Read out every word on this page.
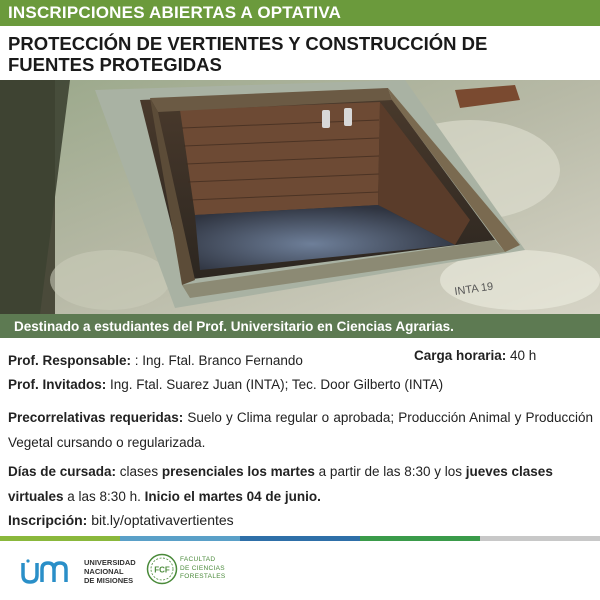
INSCRIPCIONES ABIERTAS A OPTATIVA
PROTECCIÓN DE VERTIENTES Y CONSTRUCCIÓN DE
FUENTES PROTEGIDAS
INTA 19
Destinado a estudiantes del Prof. Universitario en Ciencias Agrarias.
Prof. Responsable: : Ing. Ftal. Branco Fernando	Carga horaria: 40 h
Prof. Invitados: Ing. Ftal. Suarez Juan (INTA); Tec. Door Gilberto (INTA)
Precorrelativas requeridas: Suelo y Clima regular o aprobada; Producción Animal y Producción Vegetal cursando o regularizada.
Días de cursada: clases presenciales los martes a partir de las 8:30 y los jueves clases virtuales a las 8:30 h. Inicio el martes 04 de junio.
Inscripción: bit.ly/optativavertientes
UNIVERSIDAD
NACIONAL
DE MISIONES
FCF
FACULTAD
DE CIENCIAS
FORESTALES
